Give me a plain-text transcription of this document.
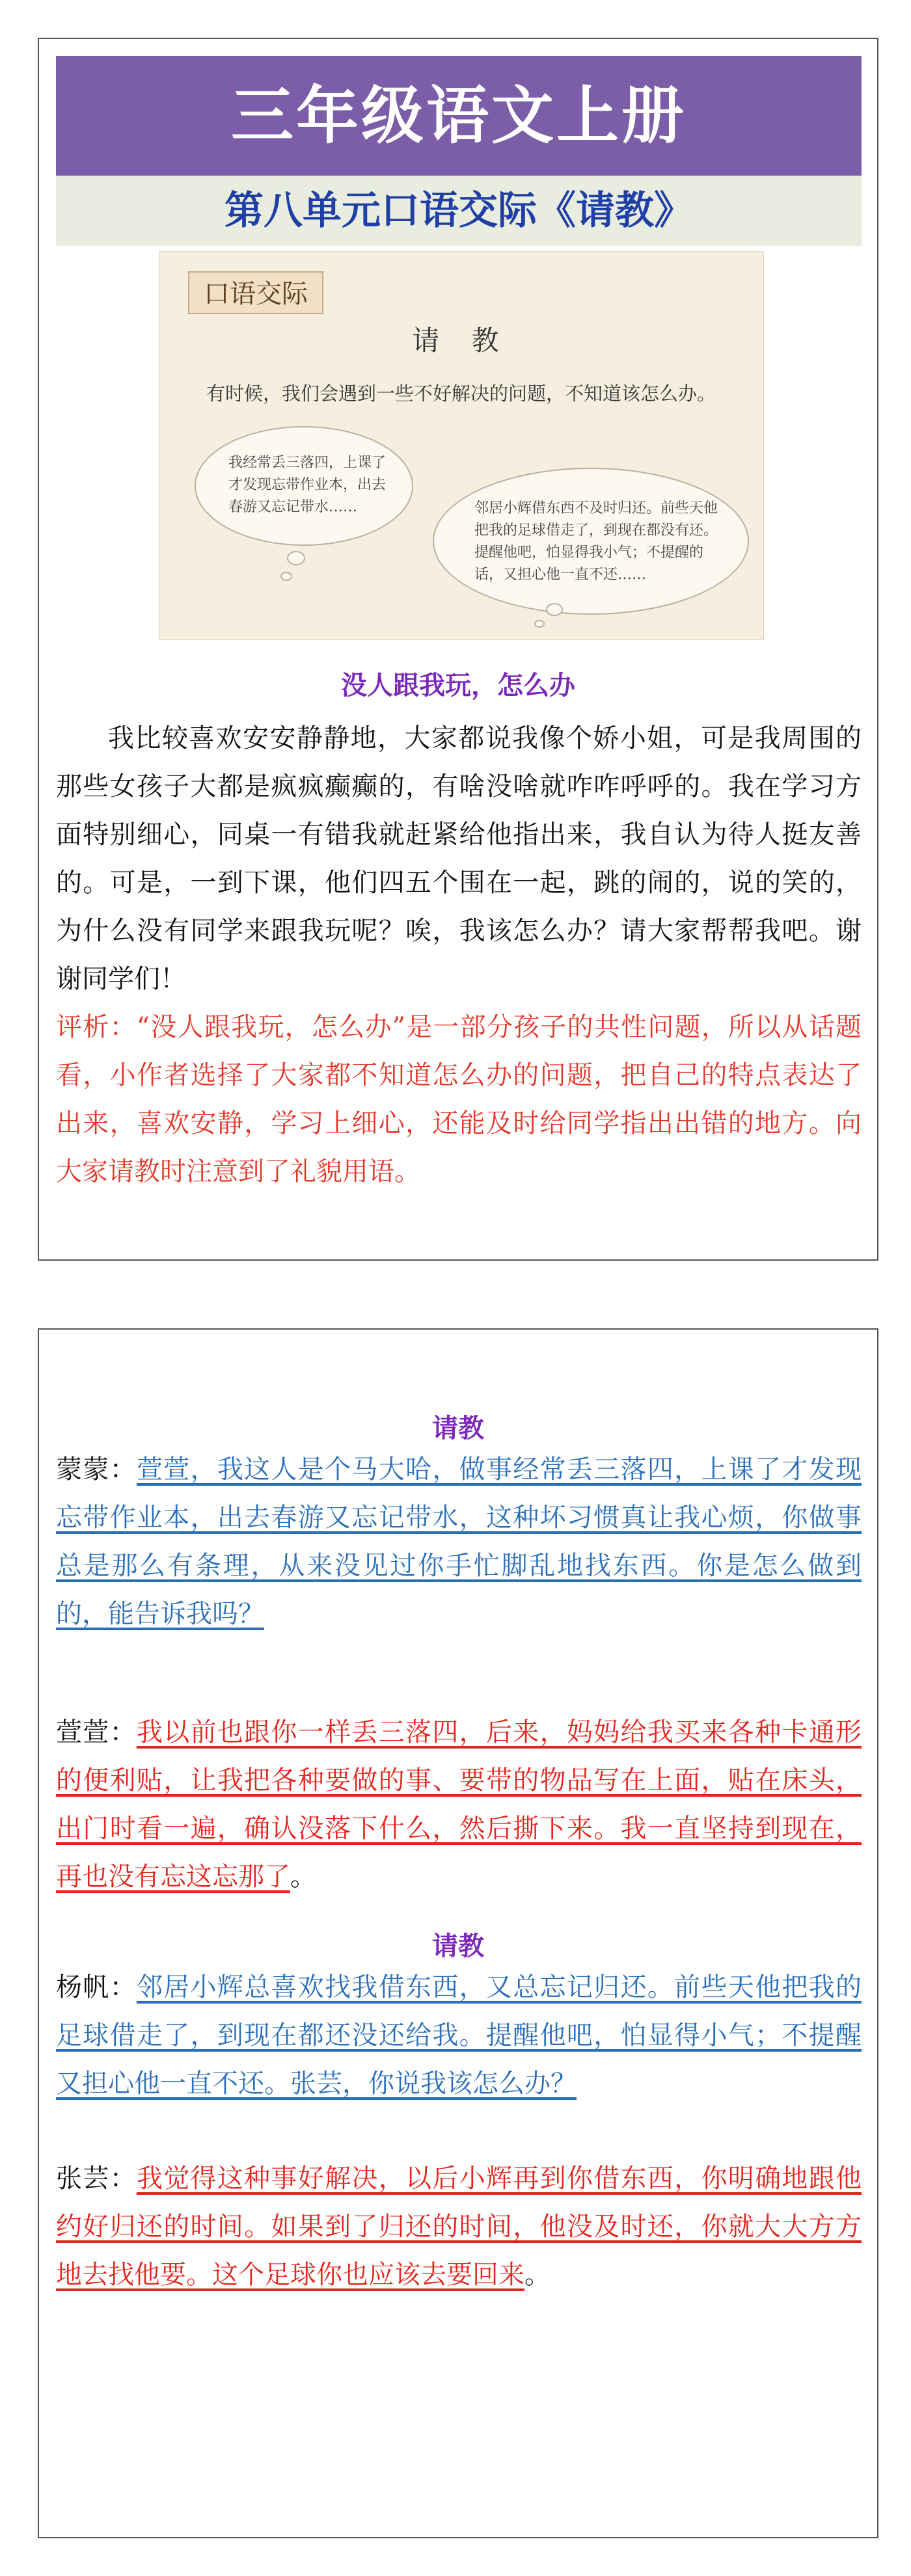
三年级语文上册
第八单元口语交际《请教》
口语交际
请 教
有时候，我们会遇到一些不好解决的问题，不知道该怎么办。
我经常丢三落四，上课了才发现忘带作业本，出去春游又忘记带水……	邻居小辉借东西不及时归还。前些天他把我的足球借走了，到现在都没有还。提醒他吧，怕显得我小气；不提醒的话，又担心他一直不还……
没人跟我玩，怎么办

我比较喜欢安安静静地，大家都说我像个娇小姐，可是我周围的那些女孩子大都是疯疯癫癫的，有啥没啥就咋咋呼呼的。我在学习方面特别细心，同桌一有错我就赶紧给他指出来，我自认为待人挺友善的。可是，一到下课，他们四五个围在一起，跳的闹的，说的笑的，为什么没有同学来跟我玩呢？唉，我该怎么办？请大家帮帮我吧。谢谢同学们！

评析：“没人跟我玩，怎么办”是一部分孩子的共性问题，所以从话题看，小作者选择了大家都不知道怎么办的问题，把自己的特点表达了出来，喜欢安静，学习上细心，还能及时给同学指出出错的地方。向大家请教时注意到了礼貌用语。

请教

蒙蒙：萱萱，我这人是个马大哈，做事经常丢三落四，上课了才发现忘带作业本，出去春游又忘记带水，这种坏习惯真让我心烦，你做事总是那么有条理，从来没见过你手忙脚乱地找东西。你是怎么做到的，能告诉我吗？

萱萱：我以前也跟你一样丢三落四，后来，妈妈给我买来各种卡通形的便利贴，让我把各种要做的事、要带的物品写在上面，贴在床头，出门时看一遍，确认没落下什么，然后撕下来。我一直坚持到现在，再也没有忘这忘那了。

请教

杨帆：邻居小辉总喜欢找我借东西，又总忘记归还。前些天他把我的足球借走了，到现在都还没还给我。提醒他吧，怕显得小气；不提醒又担心他一直不还。张芸，你说我该怎么办？

张芸：我觉得这种事好解决，以后小辉再到你借东西，你明确地跟他约好归还的时间。如果到了归还的时间，他没及时还，你就大大方方地去找他要。这个足球你也应该去要回来。
